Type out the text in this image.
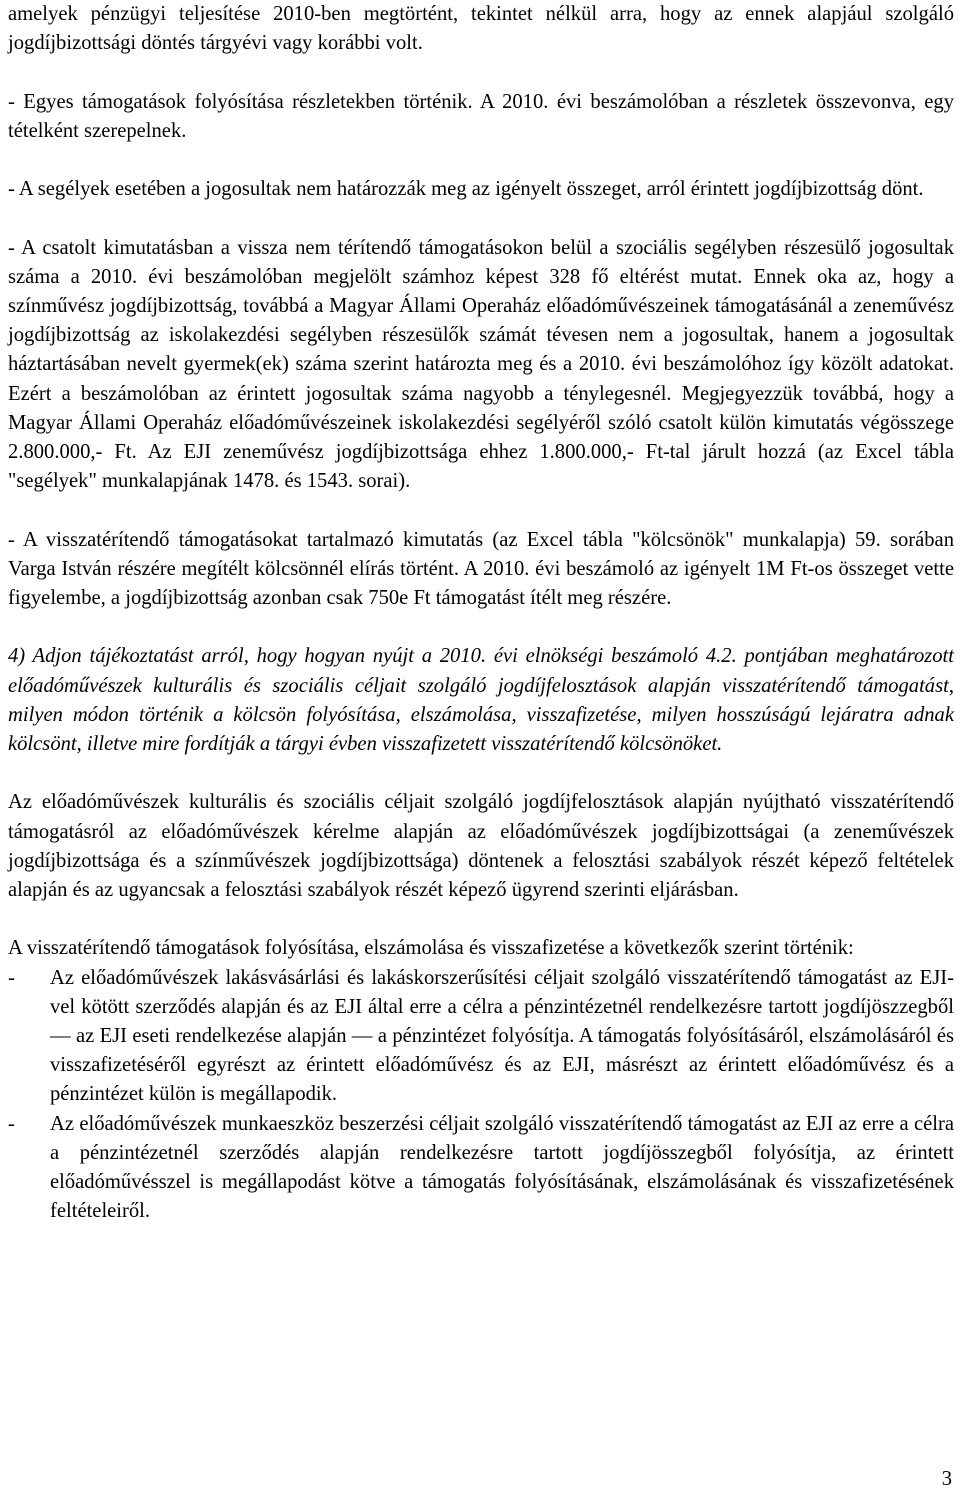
amelyek pénzügyi teljesítése 2010-ben megtörtént, tekintet nélkül arra, hogy az ennek alapjául szolgáló jogdíjbizottsági döntés tárgyévi vagy korábbi volt.

- Egyes támogatások folyósítása részletekben történik. A 2010. évi beszámolóban a részletek összevonva, egy tételként szerepelnek.

- A segélyek esetében a jogosultak nem határozzák meg az igényelt összeget, arról érintett jogdíjbizottság dönt.

- A csatolt kimutatásban a vissza nem térítendő támogatásokon belül a szociális segélyben részesülő jogosultak száma a 2010. évi beszámolóban megjelölt számhoz képest 328 fő eltérést mutat. Ennek oka az, hogy a színművész jogdíjbizottság, továbbá a Magyar Állami Operaház előadóművészeinek támogatásánál a zeneművész jogdíjbizottság az iskolakezdési segélyben részesülők számát tévesen nem a jogosultak, hanem a jogosultak háztartásában nevelt gyermek(ek) száma szerint határozta meg és a 2010. évi beszámolóhoz így közölt adatokat. Ezért a beszámolóban az érintett jogosultak száma nagyobb a ténylegesnél. Megjegyezzük továbbá, hogy a Magyar Állami Operaház előadóművészeinek iskolakezdési segélyéről szóló csatolt külön kimutatás végösszege 2.800.000,- Ft. Az EJI zeneművész jogdíjbizottsága ehhez 1.800.000,- Ft-tal járult hozzá (az Excel tábla "segélyek" munkalapjának 1478. és 1543. sorai).

- A visszatérítendő támogatásokat tartalmazó kimutatás (az Excel tábla "kölcsönök" munkalapja) 59. sorában Varga István részére megítélt kölcsönnél elírás történt. A 2010. évi beszámoló az igényelt 1M Ft-os összeget vette figyelembe, a jogdíjbizottság azonban csak 750e Ft támogatást ítélt meg részére.

4) Adjon tájékoztatást arról, hogy hogyan nyújt a 2010. évi elnökségi beszámoló 4.2. pontjában meghatározott előadóművészek kulturális és szociális céljait szolgáló jogdíjfelosztások alapján visszatérítendő támogatást, milyen módon történik a kölcsön folyósítása, elszámolása, visszafizetése, milyen hosszúságú lejáratra adnak kölcsönt, illetve mire fordítják a tárgyi évben visszafizetett visszatérítendő kölcsönöket.

Az előadóművészek kulturális és szociális céljait szolgáló jogdíjfelosztások alapján nyújtható visszatérítendő támogatásról az előadóművészek kérelme alapján az előadóművészek jogdíjbizottságai (a zeneművészek jogdíjbizottsága és a színművészek jogdíjbizottsága) döntenek a felosztási szabályok részét képező feltételek alapján és az ugyancsak a felosztási szabályok részét képező ügyrend szerinti eljárásban.

A visszatérítendő támogatások folyósítása, elszámolása és visszafizetése a következők szerint történik:

- Az előadóművészek lakásvásárlási és lakáskorszerűsítési céljait szolgáló visszatérítendő támogatást az EJI-vel kötött szerződés alapján és az EJI által erre a célra a pénzintézetnél rendelkezésre tartott jogdíjöszzegből — az EJI eseti rendelkezése alapján — a pénzintézet folyósítja. A támogatás folyósításáról, elszámolásáról és visszafizetéséről egyrészt az érintett előadóművész és az EJI, másrészt az érintett előadóművész és a pénzintézet külön is megállapodik.
- Az előadóművészek munkaeszköz beszerzési céljait szolgáló visszatérítendő támogatást az EJI az erre a célra a pénzintézetnél szerződés alapján rendelkezésre tartott jogdíjösszegből folyósítja, az érintett előadóművésszel is megállapodást kötve a támogatás folyósításának, elszámolásának és visszafizetésének feltételeiről.
3
